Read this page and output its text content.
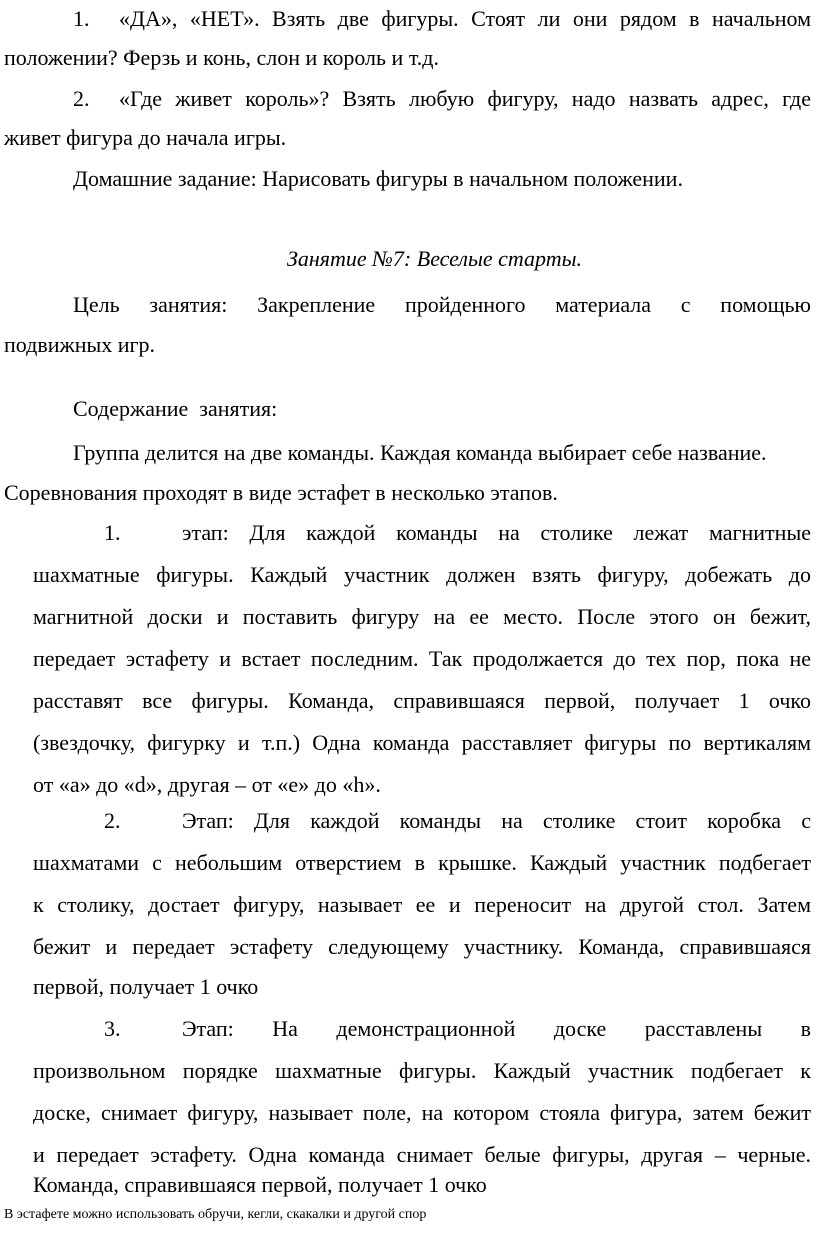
1. «ДА», «НЕТ». Взять две фигуры. Стоят ли они рядом в начальном
положении? Ферзь и конь, слон и король и т.д.
2. «Где живет король»? Взять любую фигуру, надо назвать адрес, где
живет фигура до начала игры.
Домашние задание: Нарисовать фигуры в начальном положении.
Занятие №7: Веселые старты.
Цель занятия: Закрепление пройденного материала с помощью
подвижных игр.
Содержание  занятия:
Группа делится на две команды. Каждая команда выбирает себе название.
Соревнования проходят в виде эстафет в несколько этапов.
1.	этап: Для каждой команды на столике лежат магнитные
шахматные фигуры. Каждый участник должен взять фигуру, добежать до
магнитной доски и поставить фигуру на ее место. После этого он бежит,
передает эстафету и встает последним. Так продолжается до тех пор, пока не
расставят все фигуры. Команда, справившаяся первой, получает 1 очко
(звездочку, фигурку и т.п.) Одна команда расставляет фигуры по вертикалям
от «a» до «d», другая – от «e» до «h».
2.	Этап: Для каждой команды на столике стоит коробка с
шахматами с небольшим отверстием в крышке. Каждый участник подбегает
к столику, достает фигуру, называет ее и переносит на другой стол. Затем
бежит и передает эстафету следующему участнику. Команда, справившаяся
первой, получает 1 очко
3.	Этап: На демонстрационной доске расставлены в
произвольном порядке шахматные фигуры. Каждый участник подбегает к
доске, снимает фигуру, называет поле, на котором стояла фигура, затем бежит
и передает эстафету. Одна команда снимает белые фигуры, другая – черные.
Команда, справившаяся первой, получает 1 очко
В эстафете можно использовать обручи, кегли, скакалки и другой спор
